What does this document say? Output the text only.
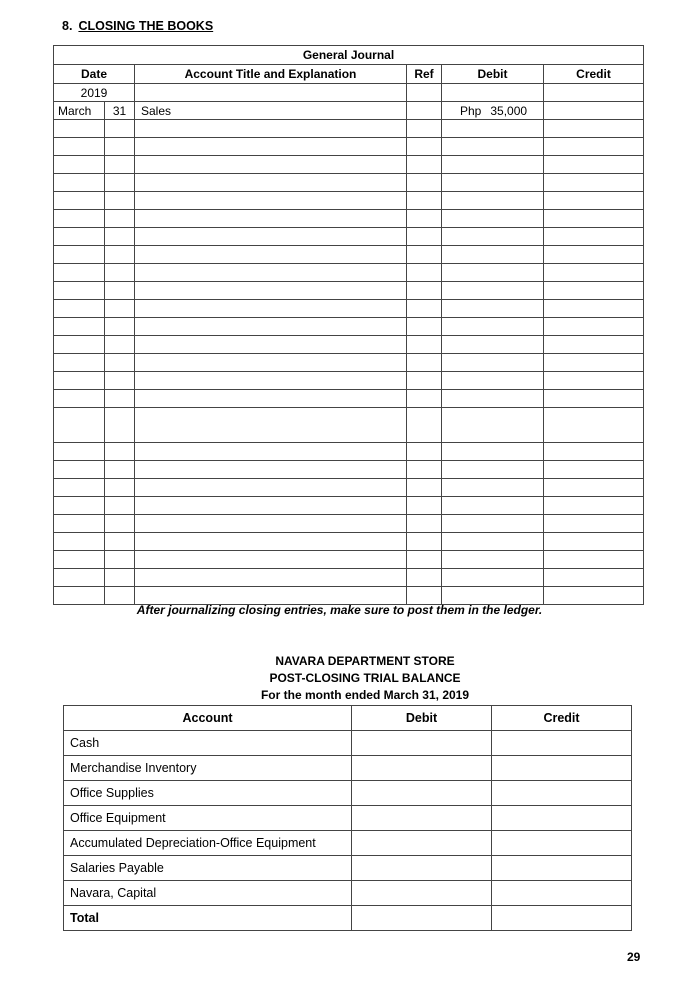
8. CLOSING THE BOOKS
General Journal					
Date		Account Title and Explanation	Ref	Debit	Credit
2019					
March	31	Sales		Php 35,000	

After journalizing closing entries, make sure to post them in the ledger.
NAVARA DEPARTMENT STORE
POST-CLOSING TRIAL BALANCE
For the month ended March 31, 2019
Account	Debit	Credit
Cash		
Merchandise Inventory		
Office Supplies		
Office Equipment		
Accumulated Depreciation-Office Equipment		
Salaries Payable		
Navara, Capital		
Total		
29
